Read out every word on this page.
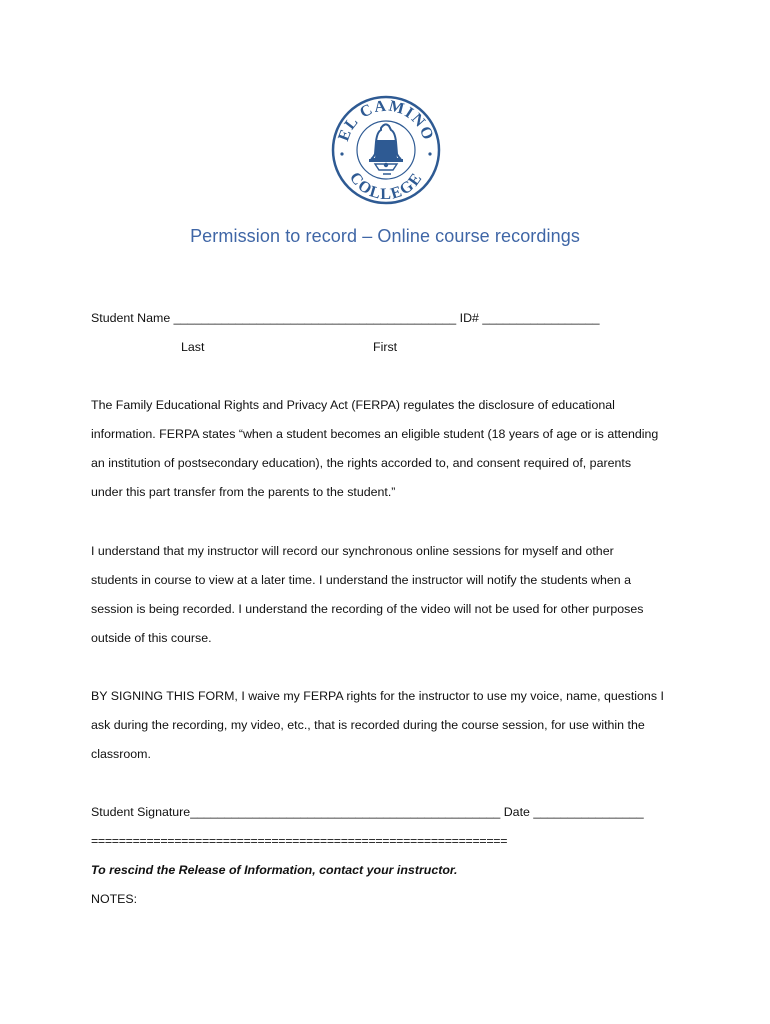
EL CAMINO
COLLEGE
Permission to record – Online course recordings
Student Name _________________________________________ ID# _________________
Last	First
The Family Educational Rights and Privacy Act (FERPA) regulates the disclosure of educational
information. FERPA states “when a student becomes an eligible student (18 years of age or is attending
an institution of postsecondary education), the rights accorded to, and consent required of, parents
under this part transfer from the parents to the student.”
I understand that my instructor will record our synchronous online sessions for myself and other
students in course to view at a later time. I understand the instructor will notify the students when a
session is being recorded. I understand the recording of the video will not be used for other purposes
outside of this course.
BY SIGNING THIS FORM, I waive my FERPA rights for the instructor to use my voice, name, questions I
ask during the recording, my video, etc., that is recorded during the course session, for use within the
classroom.
Student Signature_____________________________________________ Date ________________
============================================================
To rescind the Release of Information, contact your instructor.
NOTES:
